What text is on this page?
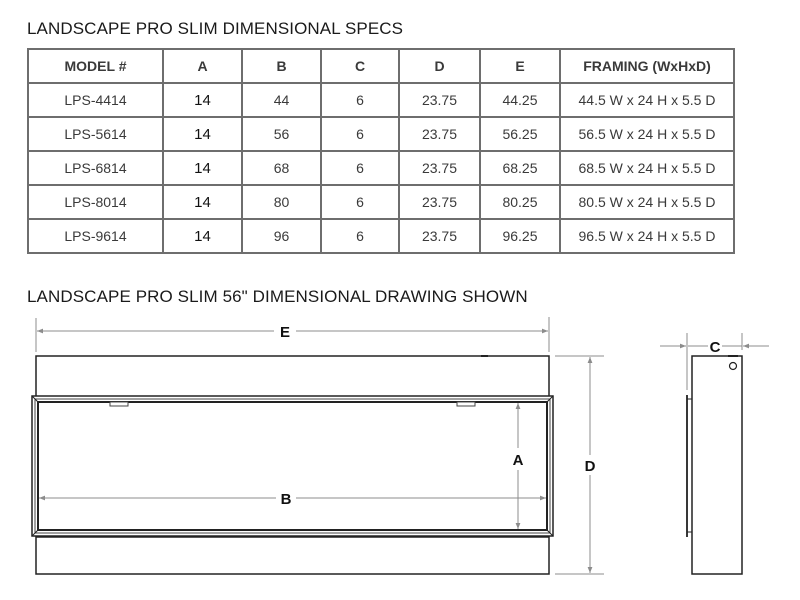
LANDSCAPE PRO SLIM DIMENSIONAL SPECS
MODEL #	A	B	C	D	E	FRAMING (WxHxD)
LPS-4414	14	44	6	23.75	44.25	44.5 W x 24 H x 5.5 D
LPS-5614	14	56	6	23.75	56.25	56.5 W x 24 H x 5.5 D
LPS-6814	14	68	6	23.75	68.25	68.5 W x 24 H x 5.5 D
LPS-8014	14	80	6	23.75	80.25	80.5 W x 24 H x 5.5 D
LPS-9614	14	96	6	23.75	96.25	96.5 W x 24 H x 5.5 D
LANDSCAPE PRO SLIM 56" DIMENSIONAL DRAWING SHOWN
E
B
A	D
C
